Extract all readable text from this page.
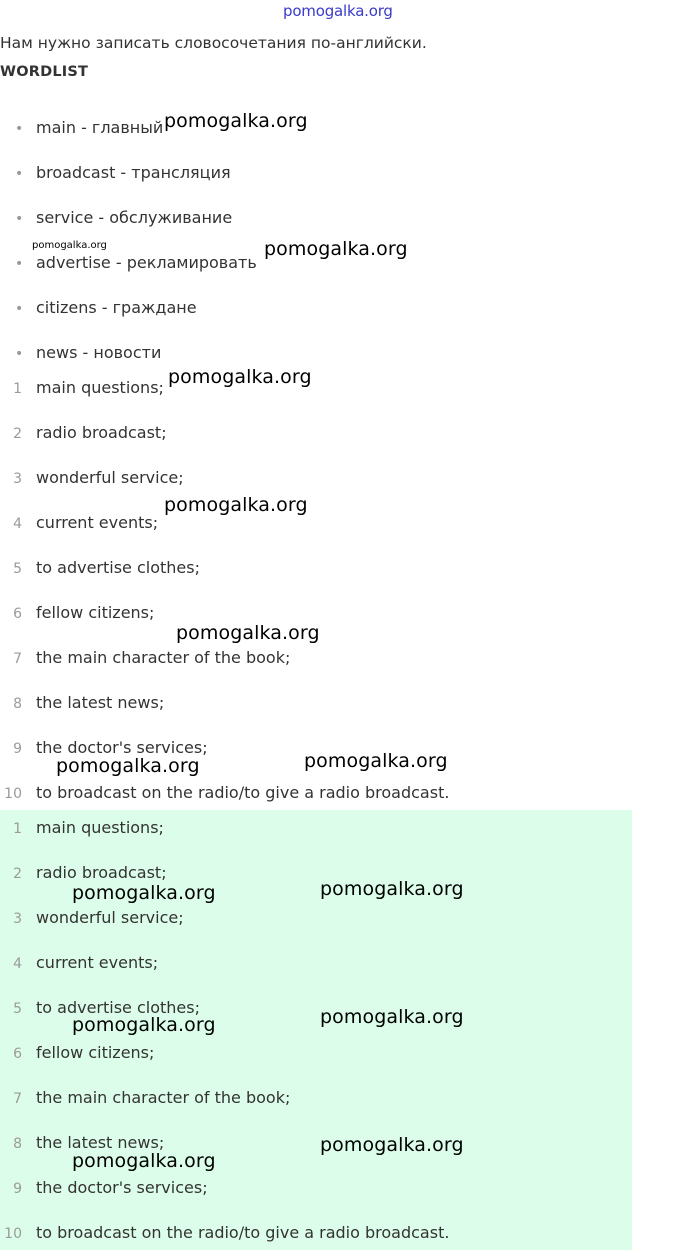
pomogalka.org
Нам нужно записать словосочетания по-английски.
WORDLIST
• main - главный
• broadcast - трансляция
• service - обслуживание
• advertise - рекламировать
• citizens - граждане
• news - новости
1 main questions;
2 radio broadcast;
3 wonderful service;
4 current events;
5 to advertise clothes;
6 fellow citizens;
7 the main character of the book;
8 the latest news;
9 the doctor's services;
10 to broadcast on the radio/to give a radio broadcast.
1 main questions;
2 radio broadcast;
3 wonderful service;
4 current events;
5 to advertise clothes;
6 fellow citizens;
7 the main character of the book;
8 the latest news;
9 the doctor's services;
10 to broadcast on the radio/to give a radio broadcast.
pomogalka.org
pomogalka.org	pomogalka.org
pomogalka.org
pomogalka.org
pomogalka.org
pomogalka.org	pomogalka.org
pomogalka.org	pomogalka.org
pomogalka.org	pomogalka.org
pomogalka.org
pomogalka.org
